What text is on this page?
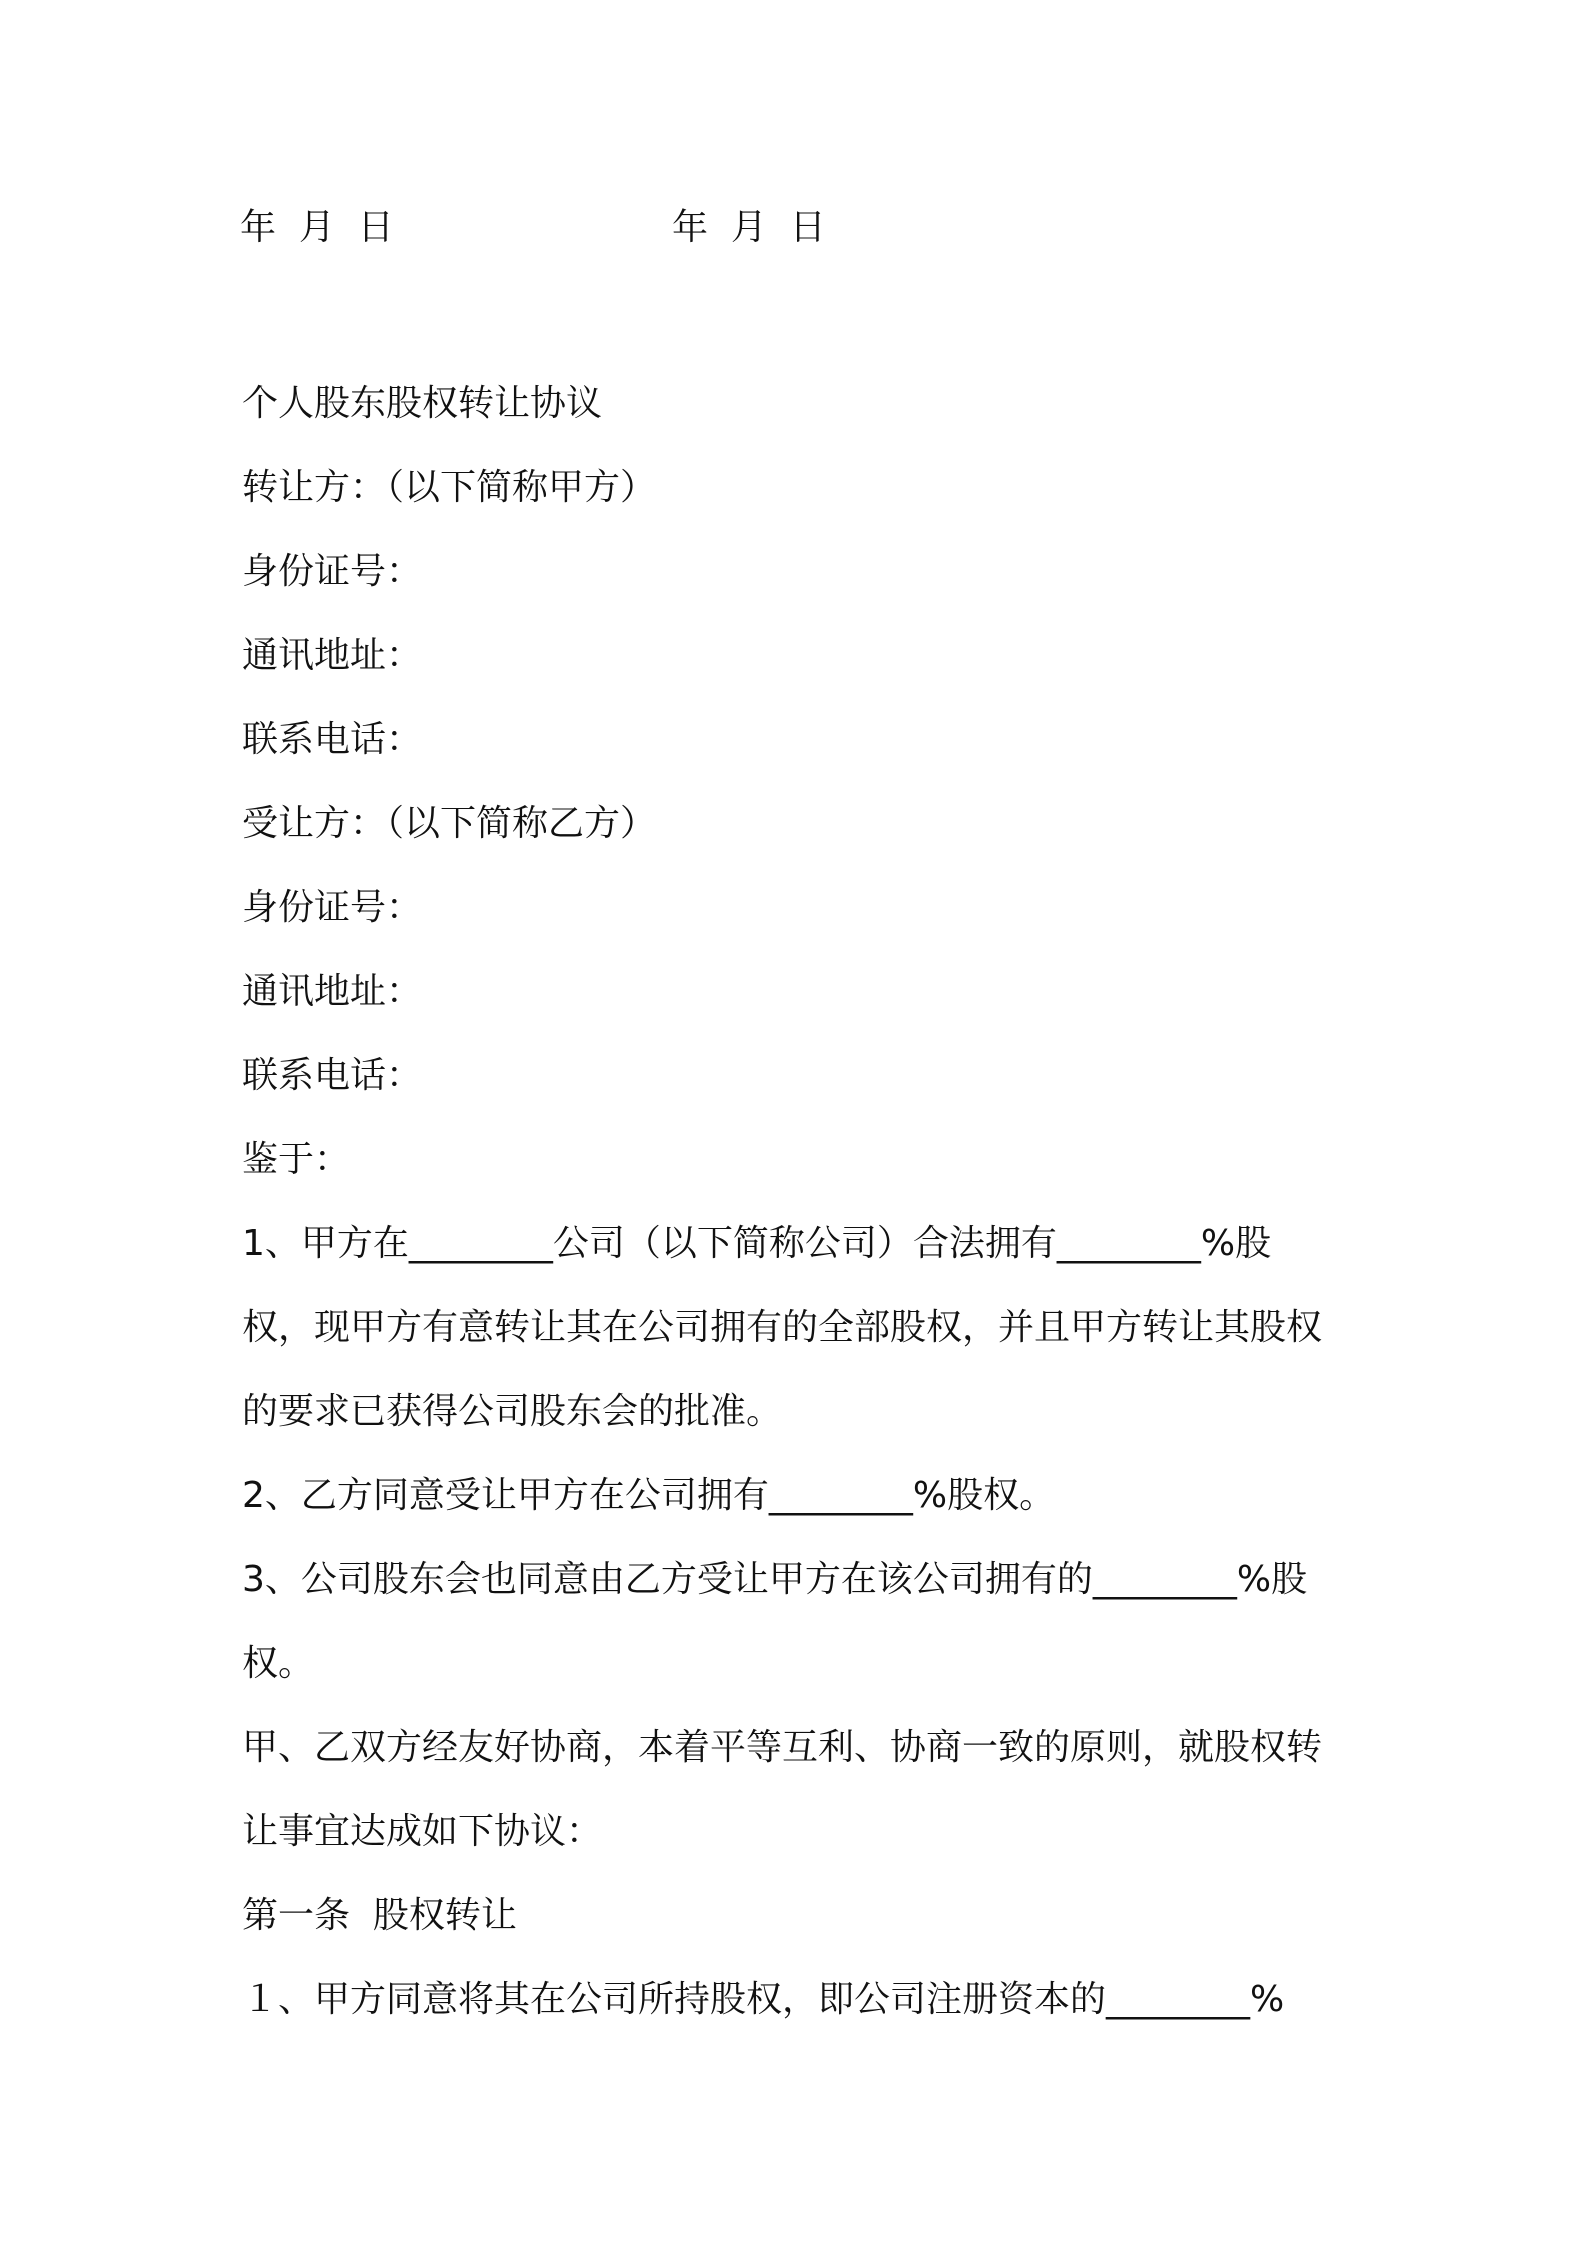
年  月  日	年  月  日
个人股东股权转让协议
转让方：（以下简称甲方）
身份证号：
通讯地址：
联系电话：
受让方：（以下简称乙方）
身份证号：
通讯地址：
联系电话：
鉴于：
1、甲方在________公司（以下简称公司）合法拥有________%股
权，现甲方有意转让其在公司拥有的全部股权，并且甲方转让其股权
的要求已获得公司股东会的批准。
2、乙方同意受让甲方在公司拥有________%股权。
3、公司股东会也同意由乙方受让甲方在该公司拥有的________%股
权。
甲、乙双方经友好协商，本着平等互利、协商一致的原则，就股权转
让事宜达成如下协议：
第一条  股权转让
１、甲方同意将其在公司所持股权，即公司注册资本的________%
